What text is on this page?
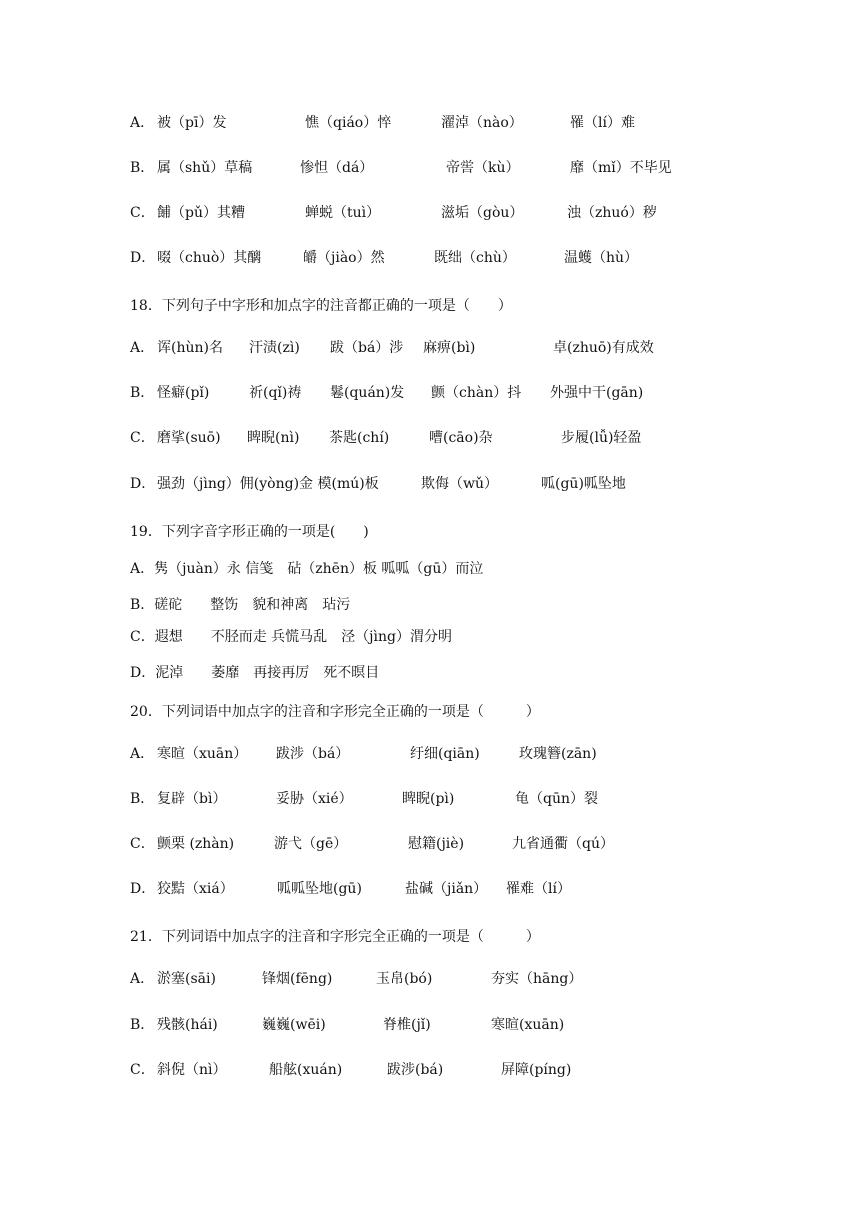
A． 被（pī）发	憔（qiáo）悴	濯淖（nào）	罹（lí）难
B． 属（shǔ）草稿	惨怛（dá）	帝喾（kù）	靡（mǐ）不毕见
C． 餔（pǔ）其糟	蝉蜕（tuì）	滋垢（gòu）	浊（zhuó）秽
D． 啜（chuò）其醨	皭（jiào）然	既绌（chù）	温蠖（hù）
18．下列句子中字形和加点字的注音都正确的一项是（　　）
A． 诨(hùn)名 汗渍(zì) 跋（bá）涉 麻痹(bì)	卓(zhuō)有成效
B． 怪癖(pǐ)	祈(qǐ)祷 鬈(quán)发 颤（chàn）抖 外强中干(gān)
C． 磨挲(suō) 睥睨(nì) 茶匙(chí)	嘈(cāo)杂	步履(lǚ)轻盈
D． 强劲（jìng）佣(yòng)金 模(mú)板	欺侮（wǔ）	呱(gū)呱坠地
19．下列字音字形正确的一项是(　　)
A．隽（juàn）永 信笺　砧（zhēn）板 呱呱（gū）而泣
B．磋砣　　整饬　貌和神离　玷污
C．遐想　　不胫而走 兵慌马乱　泾（jìng）渭分明
D．泥淖　　萎靡　再接再厉　死不暝目
20．下列词语中加点字的注音和字形完全正确的一项是（　　　）
A． 寒暄（xuān） 跋涉（bá）	纡细(qiān)	玫瑰簪(zān)
B． 复辟（bì）	妥胁（xié）	睥睨(pì)	龟（qūn）裂
C． 颤栗 (zhàn)	游弋（gē）	慰籍(jiè)	九省通衢（qú）
D． 狡黠（xiá）	呱呱坠地(gū)	盐碱（jiǎn） 罹难（lí）
21．下列词语中加点字的注音和字形完全正确的一项是（　　　）
A． 淤塞(sāi)	锋烟(fēng)	玉帛(bó)	夯实（hāng）
B． 残骸(hái)	巍巍(wēi)	脊椎(jǐ)	寒暄(xuān)
C． 斜倪（nì）	船舷(xuán)	跋涉(bá)	屏障(píng)
